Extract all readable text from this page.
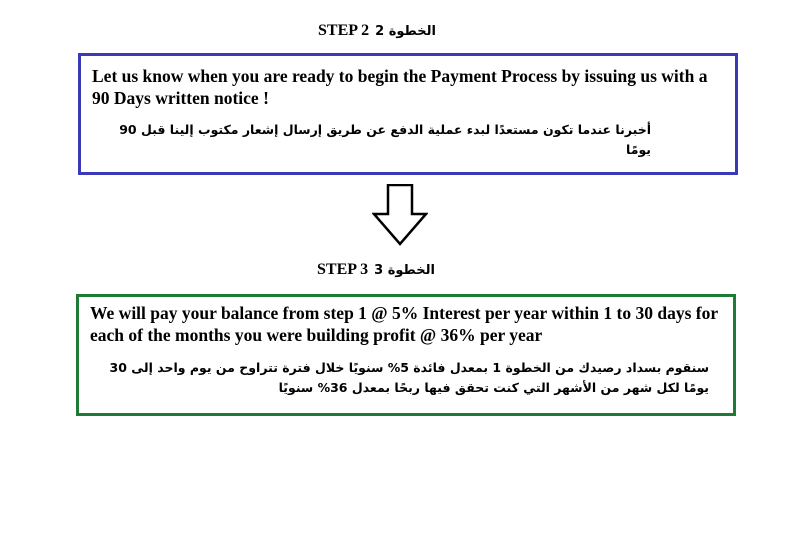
STEP 2 الخطوة 2
Let us know when you are ready to begin the Payment Process by issuing us with a 90 Days written notice !
أخبرنا عندما تكون مستعدًا لبدء عملية الدفع عن طريق إرسال إشعار مكتوب إلينا قبل 90 يومًا
STEP 3 الخطوة 3
We will pay your balance from step 1 @ 5% Interest per year within 1 to 30 days for each of the months you were building profit @ 36% per year
سنقوم بسداد رصيدك من الخطوة 1 بمعدل فائدة 5% سنويًا خلال فترة تتراوح من يوم واحد إلى 30 يومًا لكل شهر من الأشهر التي كنت تحقق فيها ربحًا بمعدل 36% سنويًا
